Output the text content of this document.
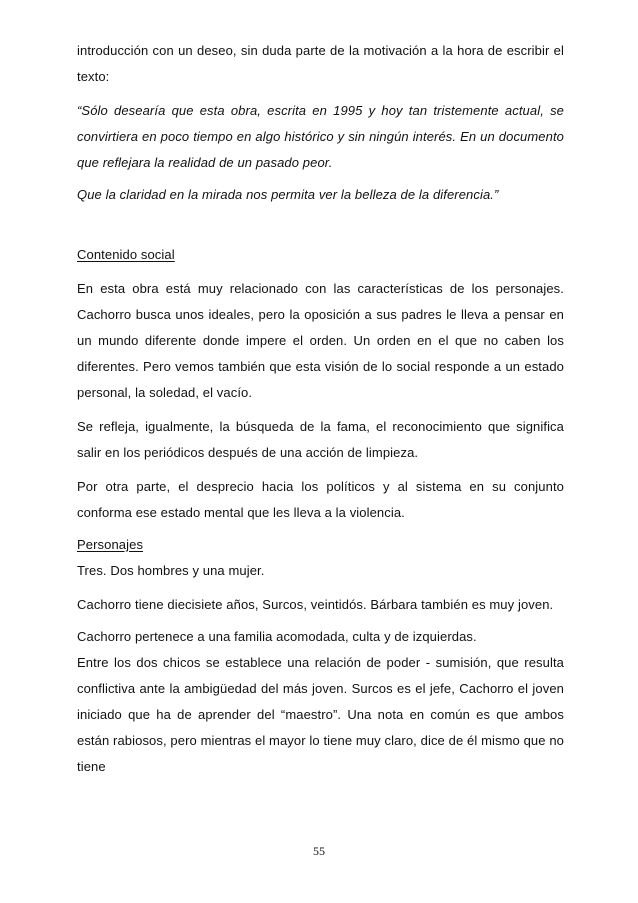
introducción con un deseo, sin duda parte de la motivación a la hora de escribir el texto:

“Sólo desearía que esta obra, escrita en 1995 y hoy tan tristemente actual, se convirtiera en poco tiempo en algo histórico y sin ningún interés. En un documento que reflejara la realidad de un pasado peor.

Que la claridad en la mirada nos permita ver la belleza de la diferencia.”

Contenido social

En esta obra está muy relacionado con las características de los personajes. Cachorro busca unos ideales, pero la oposición a sus padres le lleva a pensar en un mundo diferente donde impere el orden. Un orden en el que no caben los diferentes. Pero vemos también que esta visión de lo social responde a un estado personal, la soledad, el vacío.

Se refleja, igualmente, la búsqueda de la fama, el reconocimiento que significa salir en los periódicos después de una acción de limpieza.

Por otra parte, el desprecio hacia los políticos y al sistema en su conjunto conforma ese estado mental que les lleva a la violencia.

Personajes

Tres. Dos hombres y una mujer.

Cachorro tiene diecisiete años, Surcos, veintidós. Bárbara también es muy joven.

Cachorro pertenece a una familia acomodada, culta y de izquierdas.

Entre los dos chicos se establece una relación de poder - sumisión, que resulta conflictiva ante la ambigüedad del más joven. Surcos es el jefe, Cachorro el joven iniciado que ha de aprender del “maestro”. Una nota en común es que ambos están rabiosos, pero mientras el mayor lo tiene muy claro, dice de él mismo que no tiene

55
